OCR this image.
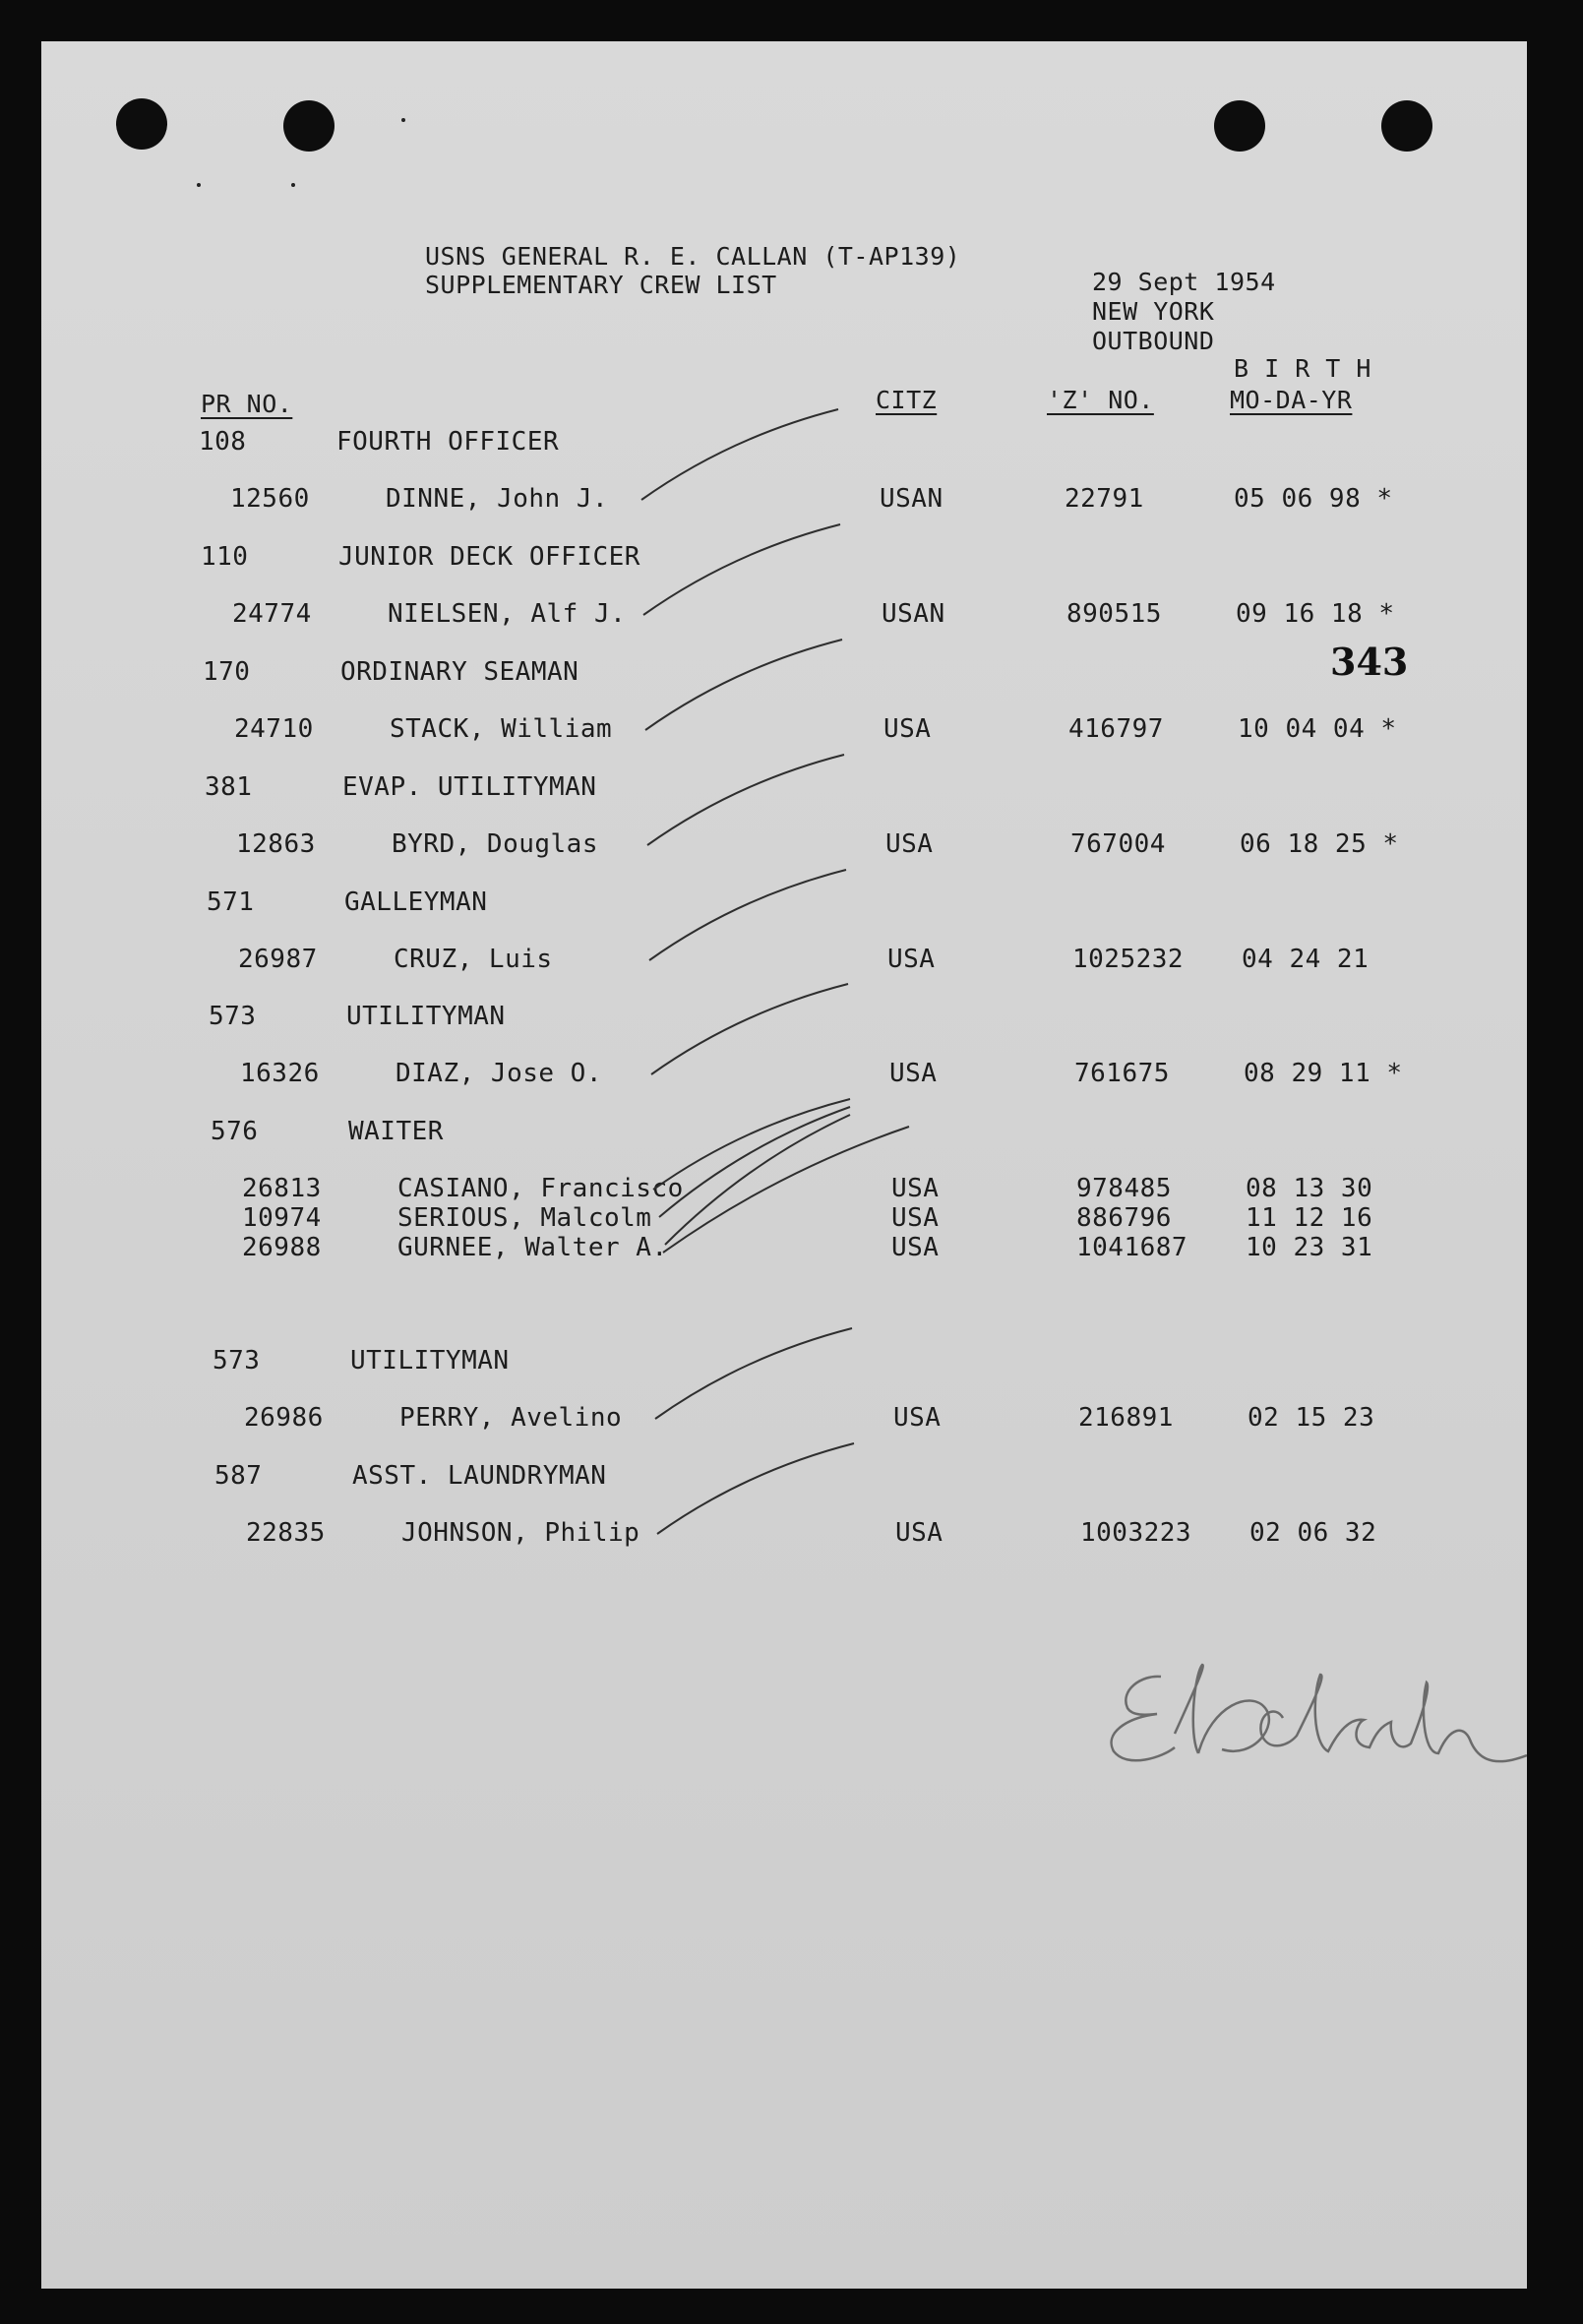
USNS GENERAL R. E. CALLAN (T-AP139)
SUPPLEMENTARY CREW LIST	29 Sept 1954
NEW YORK
OUTBOUND
PR NO.	CITZ	'Z' NO.
B I R T H
MO-DA-YR
343
108	FOURTH OFFICER
12560	DINNE, John J.	USAN	22791	05 06 98 *
110	JUNIOR DECK OFFICER
24774	NIELSEN, Alf J.	USAN	890515	09 16 18 *
170	ORDINARY SEAMAN
24710	STACK, William	USA	416797	10 04 04 *
381	EVAP. UTILITYMAN
12863	BYRD, Douglas	USA	767004	06 18 25 *
571	GALLEYMAN
26987	CRUZ, Luis	USA	1025232 04 24 21
573	UTILITYMAN
16326	DIAZ, Jose O.	USA	761675	08 29 11 *
576	WAITER
26813	CASIANO, Francisco	USA	978485	08 13 30
10974	SERIOUS, Malcolm	USA	886796	11 12 16
26988	GURNEE, Walter A.	USA	1041687 10 23 31
573	UTILITYMAN
26986	PERRY, Avelino	USA	216891	02 15 23
587	ASST. LAUNDRYMAN
22835	JOHNSON, Philip	USA	1003223 02 06 32
